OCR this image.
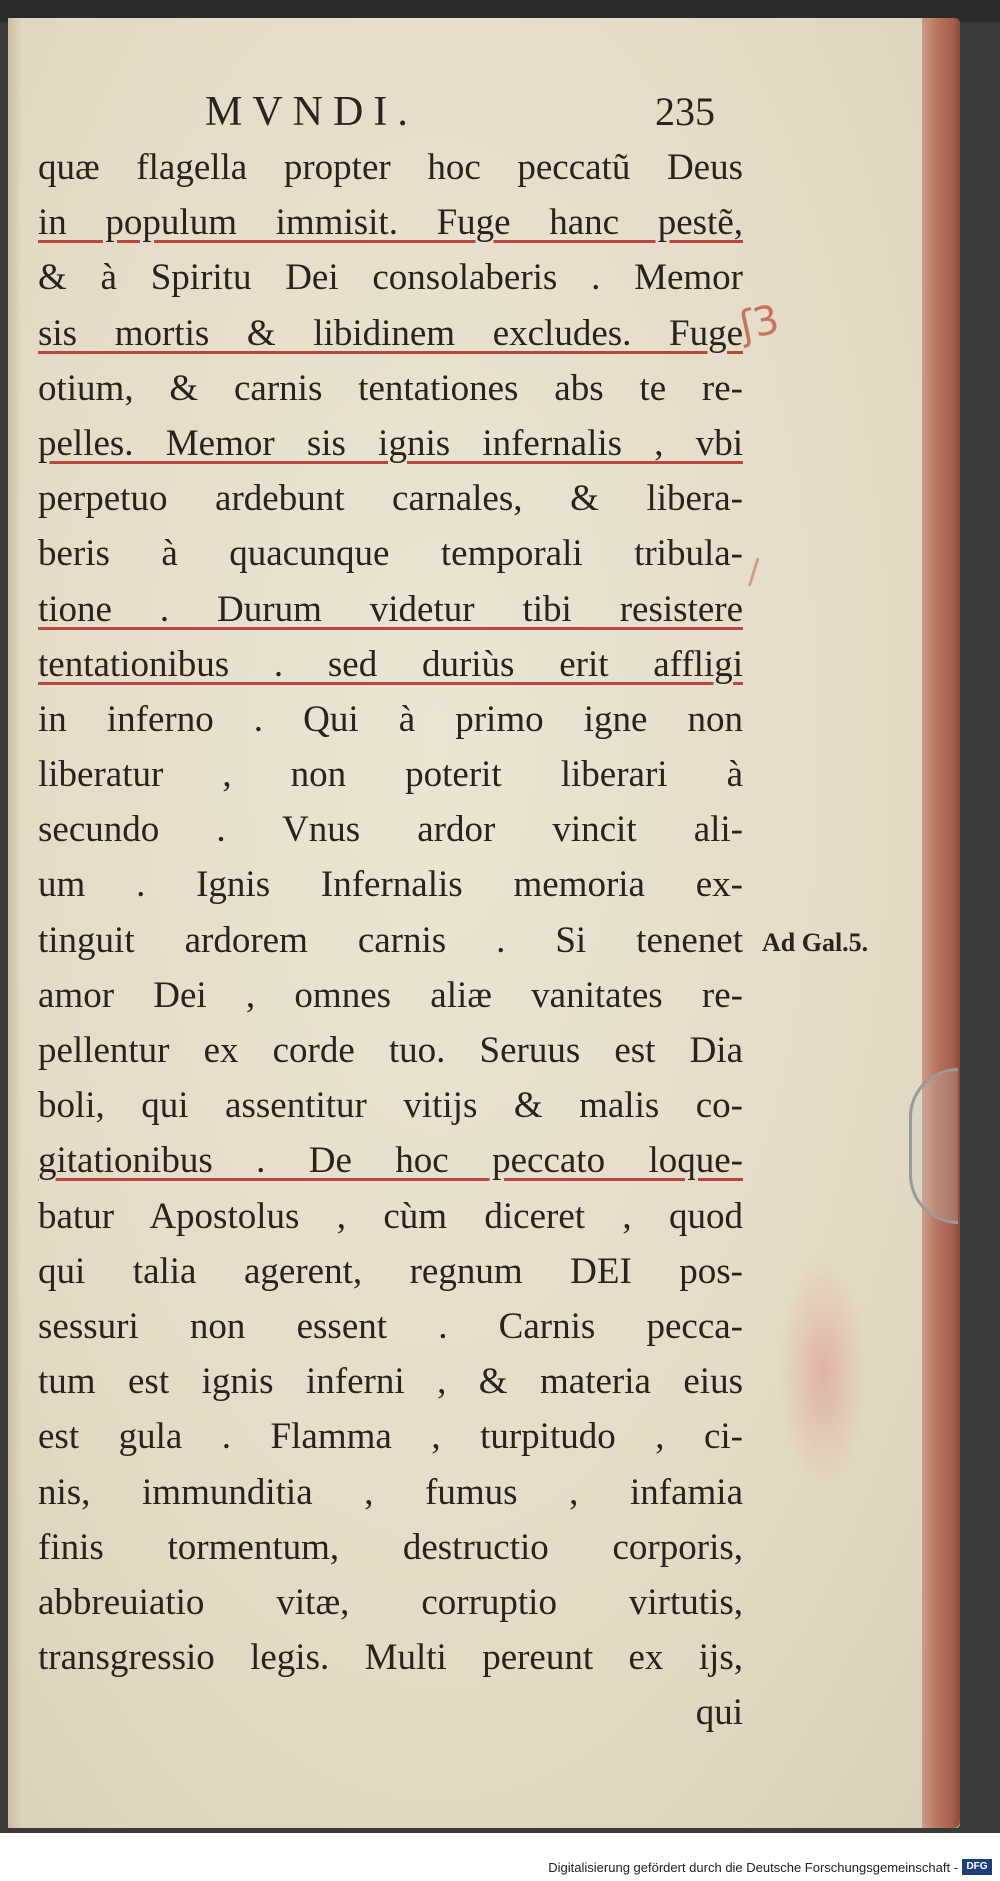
MVNDI.	235
quæ flagella propter hoc peccatũ Deus
in populum immisit. Fuge hanc pestẽ,
& à Spiritu Dei consolaberis . Memor
sis mortis & libidinem excludes. Fuge
otium, & carnis tentationes abs te re-
pelles. Memor sis ignis infernalis , vbi
perpetuo ardebunt carnales, & libera-
beris à quacunque temporali tribula-
tione . Durum videtur tibi resistere
tentationibus . sed duriùs erit affligi
in inferno . Qui à primo igne non
liberatur , non poterit liberari à
secundo . Vnus ardor vincit ali-
um . Ignis Infernalis memoria ex-
tinguit ardorem carnis . Si tenenet
amor Dei , omnes aliæ vanitates re-
pellentur ex corde tuo. Seruus est Dia
boli, qui assentitur vitijs & malis co-
gitationibus . De hoc peccato loque-
batur Apostolus , cùm diceret , quod
qui talia agerent, regnum DEI pos-
sessuri non essent . Carnis pecca-
tum est ignis inferni , & materia eius
est gula . Flamma , turpitudo , ci-
nis, immunditia , fumus , infamia
finis tormentum, destructio corporis,
abbreuiatio vitæ, corruptio virtutis,
transgressio legis. Multi pereunt ex ijs,
qui
Ad Gal.5.
ʃ3
/
Digitalisierung gefördert durch die Deutsche Forschungsgemeinschaft - DFG
